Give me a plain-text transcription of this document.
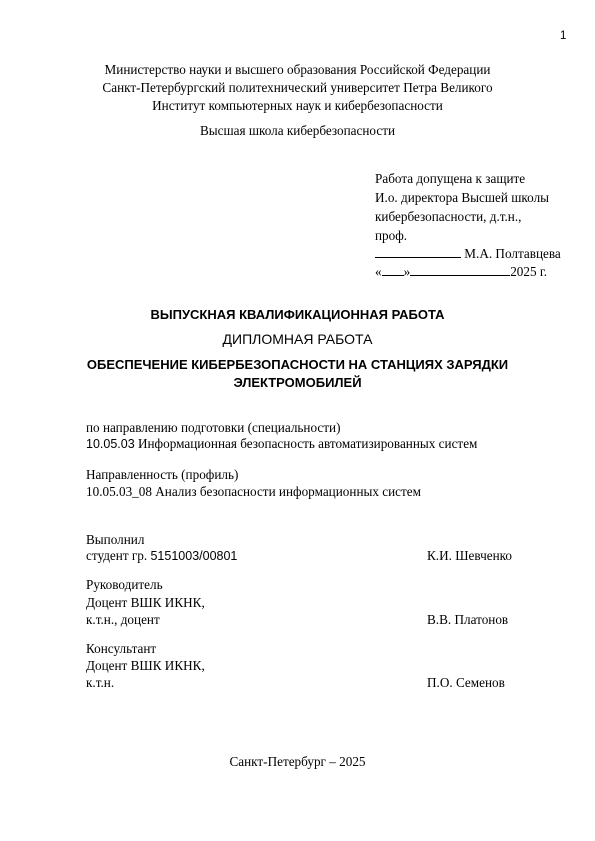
1
Министерство науки и высшего образования Российской Федерации
Санкт-Петербургский политехнический университет Петра Великого
Институт компьютерных наук и кибербезопасности
Высшая школа кибербезопасности
Работа допущена к защите
И.о. директора Высшей школы
кибербезопасности, д.т.н.,
проф.
М.А. Полтавцева
« »	2025 г.
ВЫПУСКНАЯ КВАЛИФИКАЦИОННАЯ РАБОТА
ДИПЛОМНАЯ РАБОТА
ОБЕСПЕЧЕНИЕ КИБЕРБЕЗОПАСНОСТИ НА СТАНЦИЯХ ЗАРЯДКИ
ЭЛЕКТРОМОБИЛЕЙ
по направлению подготовки (специальности)
10.05.03 Информационная безопасность автоматизированных систем
Направленность (профиль)
10.05.03_08 Анализ безопасности информационных систем
Выполнил
студент гр. 5151003/00801	К.И. Шевченко
Руководитель
Доцент ВШК ИКНК,
к.т.н., доцент	В.В. Платонов
Консультант
Доцент ВШК ИКНК,
к.т.н.	П.О. Семенов
Санкт-Петербург – 2025
